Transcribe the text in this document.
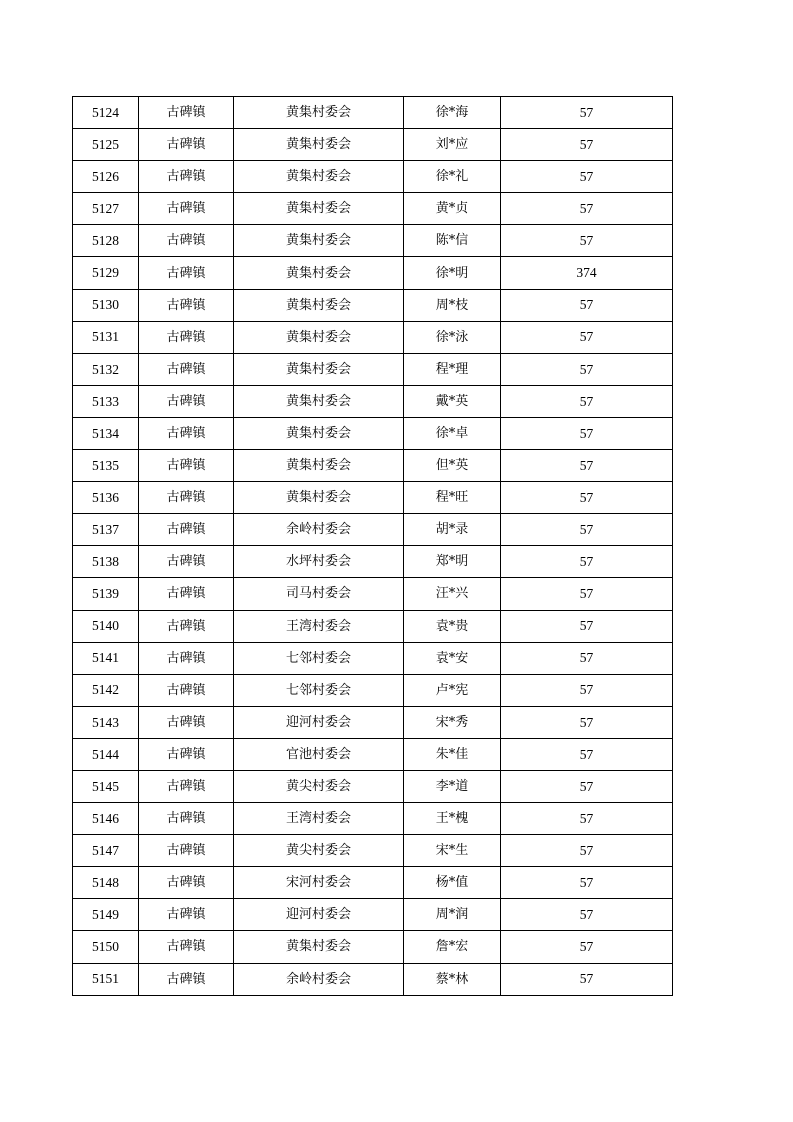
5124	古碑镇	黄集村委会	徐*海	57
5125	古碑镇	黄集村委会	刘*应	57
5126	古碑镇	黄集村委会	徐*礼	57
5127	古碑镇	黄集村委会	黄*贞	57
5128	古碑镇	黄集村委会	陈*信	57
5129	古碑镇	黄集村委会	徐*明	374
5130	古碑镇	黄集村委会	周*枝	57
5131	古碑镇	黄集村委会	徐*泳	57
5132	古碑镇	黄集村委会	程*理	57
5133	古碑镇	黄集村委会	戴*英	57
5134	古碑镇	黄集村委会	徐*卓	57
5135	古碑镇	黄集村委会	但*英	57
5136	古碑镇	黄集村委会	程*旺	57
5137	古碑镇	余岭村委会	胡*录	57
5138	古碑镇	水坪村委会	郑*明	57
5139	古碑镇	司马村委会	汪*兴	57
5140	古碑镇	王湾村委会	袁*贵	57
5141	古碑镇	七邻村委会	袁*安	57
5142	古碑镇	七邻村委会	卢*宪	57
5143	古碑镇	迎河村委会	宋*秀	57
5144	古碑镇	官池村委会	朱*佳	57
5145	古碑镇	黄尖村委会	李*道	57
5146	古碑镇	王湾村委会	王*槐	57
5147	古碑镇	黄尖村委会	宋*生	57
5148	古碑镇	宋河村委会	杨*值	57
5149	古碑镇	迎河村委会	周*润	57
5150	古碑镇	黄集村委会	詹*宏	57
5151	古碑镇	余岭村委会	蔡*林	57
